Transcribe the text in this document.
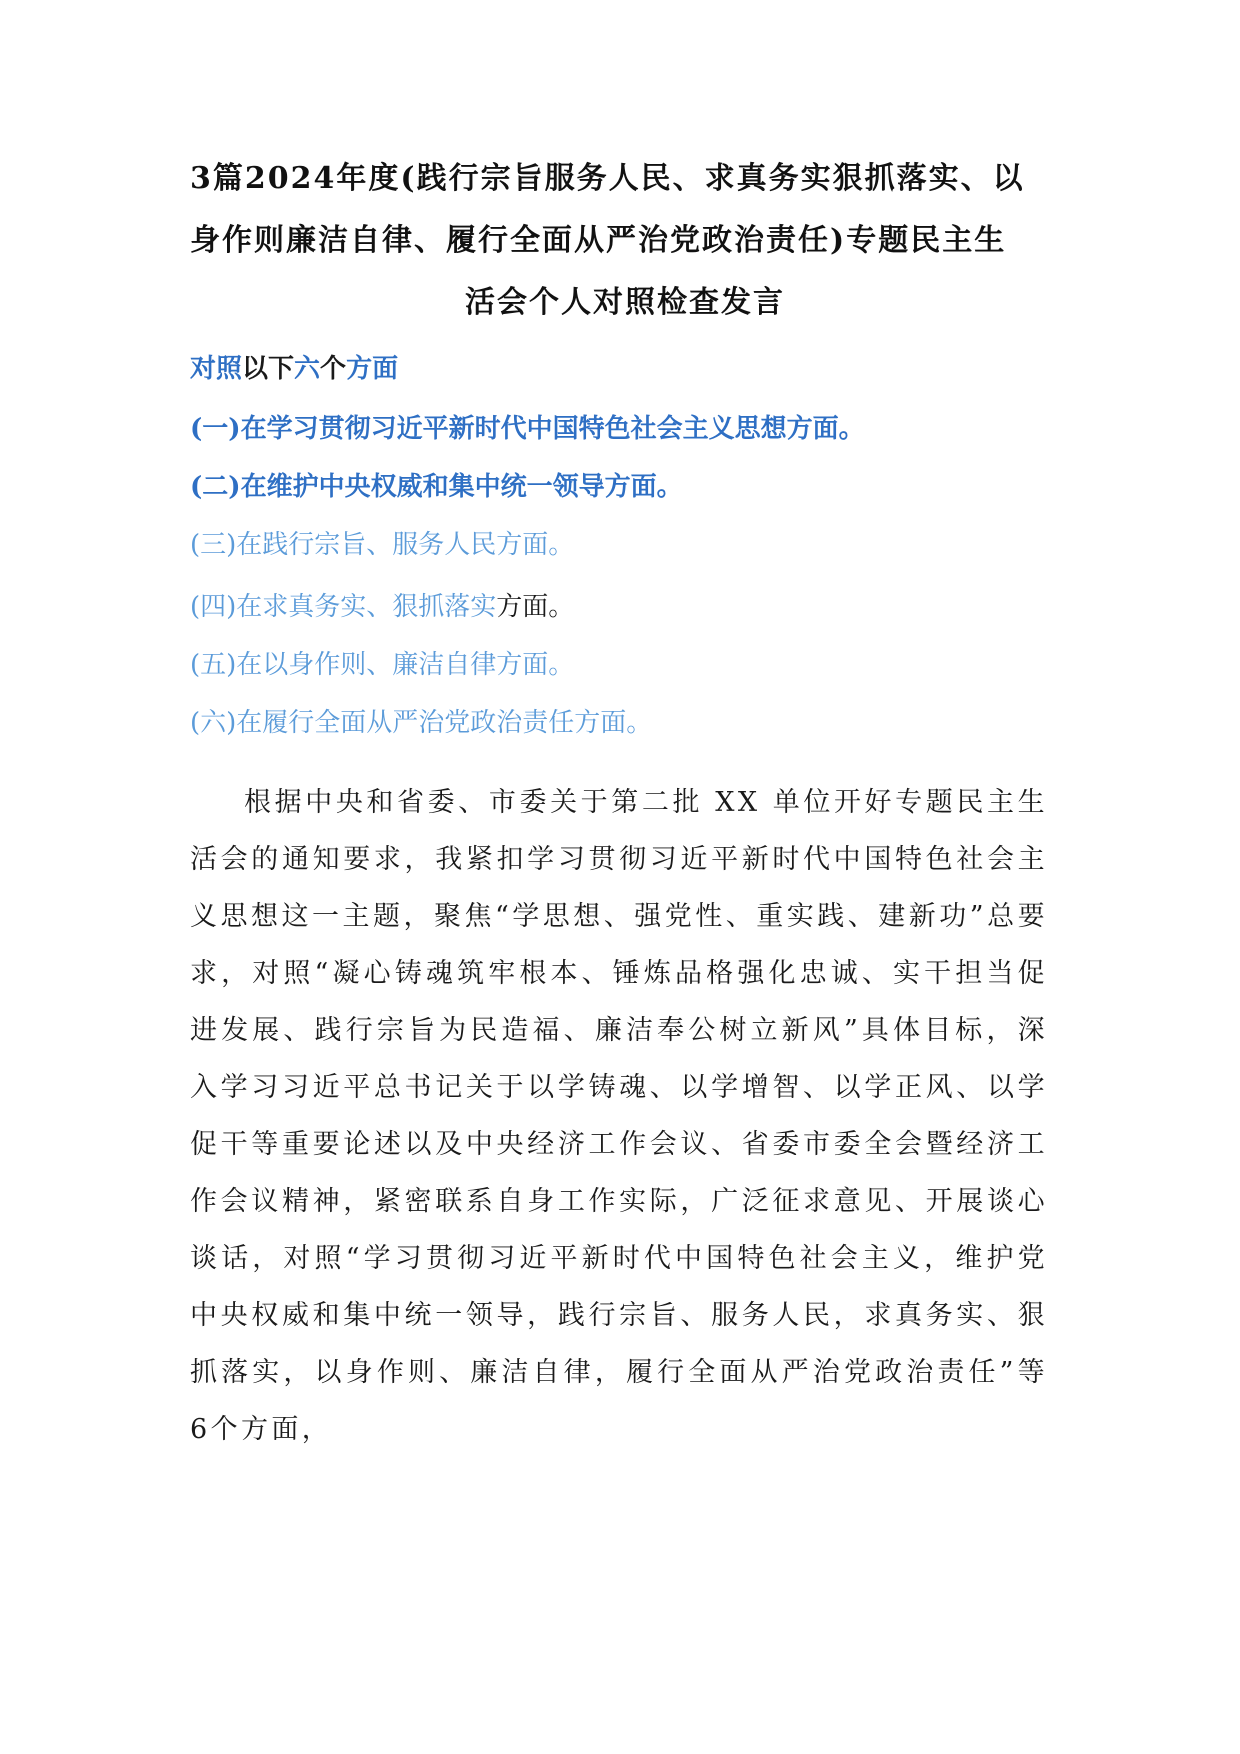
3篇2024年度(践行宗旨服务人民、求真务实狠抓落实、以
身作则廉洁自律、履行全面从严治党政治责任)专题民主生
活会个人对照检查发言
对照以下六个方面
(一)在学习贯彻习近平新时代中国特色社会主义思想方面。
(二)在维护中央权威和集中统一领导方面。
(三)在践行宗旨、服务人民方面。
(四)在求真务实、狠抓落实方面。
(五)在以身作则、廉洁自律方面。
(六)在履行全面从严治党政治责任方面。

根据中央和省委、市委关于第二批 XX 单位开好专题民主生活会的通知要求，我紧扣学习贯彻习近平新时代中国特色社会主义思想这一主题，聚焦“学思想、强党性、重实践、建新功”总要求，对照“凝心铸魂筑牢根本、锤炼品格强化忠诚、实干担当促进发展、践行宗旨为民造福、廉洁奉公树立新风”具体目标，深入学习习近平总书记关于以学铸魂、以学增智、以学正风、以学促干等重要论述以及中央经济工作会议、省委市委全会暨经济工作会议精神，紧密联系自身工作实际，广泛征求意见、开展谈心谈话，对照“学习贯彻习近平新时代中国特色社会主义，维护党中央权威和集中统一领导，践行宗旨、服务人民，求真务实、狠抓落实，以身作则、廉洁自律，履行全面从严治党政治责任”等6个方面，
